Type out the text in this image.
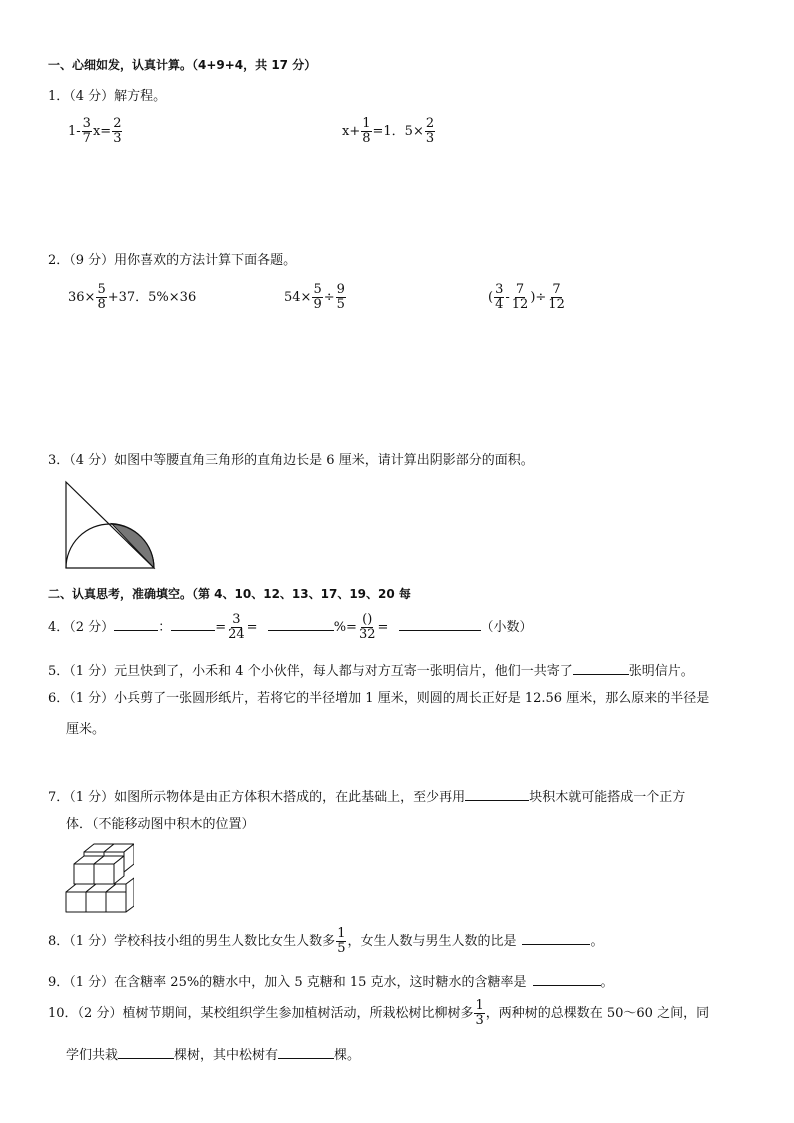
一、心细如发，认真计算。（4+9+4，共 17 分）
1．（4 分）解方程。
$1- \frac{3}{7} x= \frac{2}{3}$	$x+ \frac{1}{8} =1$．$5\times \frac{2}{3}$
2．（9 分）用你喜欢的方法计算下面各题。
$36\times \frac{5}{8} +37$．5%×36	$54\times \frac{5}{9} \div \frac{9}{5}$	( $\frac{3}{4} - \frac{7}{12}$ )÷ $\frac{7}{12}$
3．（4 分）如图中等腰直角三角形的直角边长是 6 厘米，请计算出阴影部分的面积。
二、认真思考，准确填空。（第 4、10、12、13、17、19、20 每
4．（2 分）	：	= $\frac{3}{24}$ =	%= $\frac{()}{32}$ =	（小数）
5．（1 分）元旦快到了，小禾和 4 个小伙伴，每人都与对方互寄一张明信片，他们一共寄了	张明信片。
6．（1 分）小兵剪了一张圆形纸片，若将它的半径增加 1 厘米，则圆的周长正好是 12.56 厘米，那么原来的半径是
厘米。
7．（1 分）如图所示物体是由正方体积木搭成的，在此基础上，至少再用	块积木就可能搭成一个正方
体．（不能移动图中积木的位置）
8．（1 分）学校科技小组的男生人数比女生人数多 $\frac{1}{5}$ ，女生人数与男生人数的比是	。
9．（1 分）在含糖率 25%的糖水中，加入 5 克糖和 15 克水，这时糖水的含糖率是	。
10．（2 分）植树节期间，某校组织学生参加植树活动，所栽松树比柳树多 $\frac{1}{3}$ ，两种树的总棵数在 50～60 之间，同
学们共栽	棵树，其中松树有	棵。
